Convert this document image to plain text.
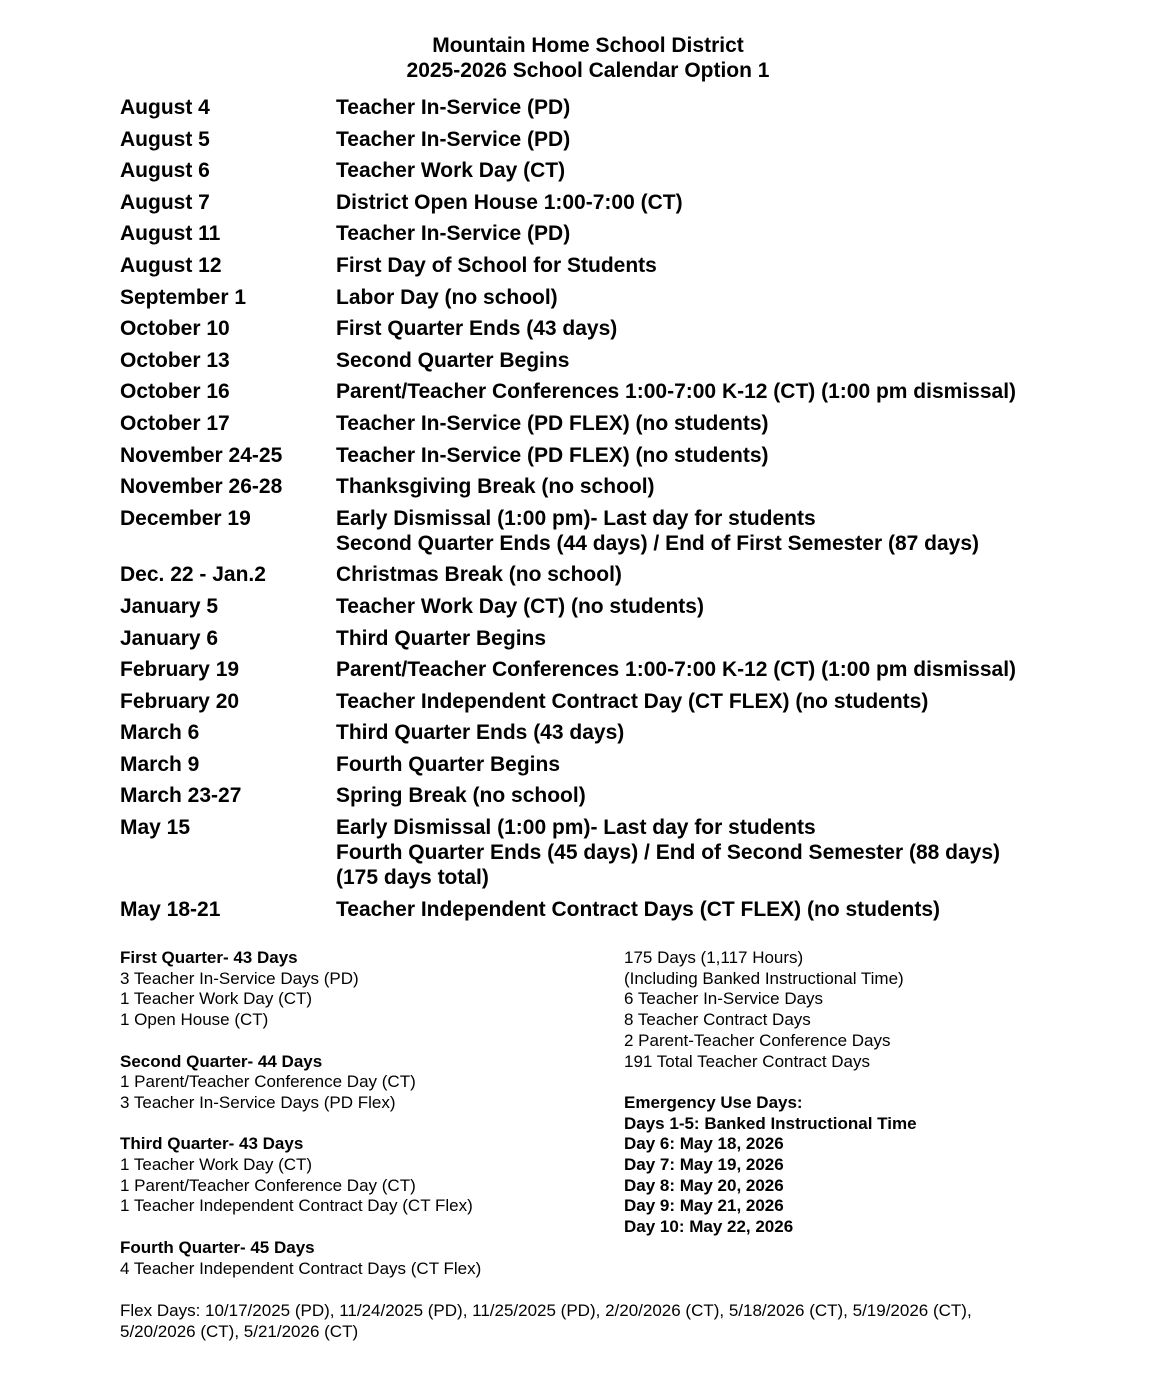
Mountain Home School District
2025-2026 School Calendar Option 1
August 4	Teacher In-Service (PD)
August 5	Teacher In-Service (PD)
August 6	Teacher Work Day (CT)
August 7	District Open House 1:00-7:00 (CT)
August 11	Teacher In-Service (PD)
August 12	First Day of School for Students
September 1	Labor Day (no school)
October 10	First Quarter Ends (43 days)
October 13	Second Quarter Begins
October 16	Parent/Teacher Conferences 1:00-7:00 K-12 (CT) (1:00 pm dismissal)
October 17	Teacher In-Service (PD FLEX) (no students)
November 24-25	Teacher In-Service (PD FLEX) (no students)
November 26-28	Thanksgiving Break (no school)
December 19	Early Dismissal (1:00 pm)- Last day for students
Second Quarter Ends (44 days) / End of First Semester (87 days)
Dec. 22 - Jan.2	Christmas Break (no school)
January 5	Teacher Work Day (CT) (no students)
January 6	Third Quarter Begins
February 19	Parent/Teacher Conferences 1:00-7:00 K-12 (CT) (1:00 pm dismissal)
February 20	Teacher Independent Contract Day (CT FLEX) (no students)
March 6	Third Quarter Ends (43 days)
March 9	Fourth Quarter Begins
March 23-27	Spring Break (no school)
May 15	Early Dismissal (1:00 pm)- Last day for students
Fourth Quarter Ends (45 days) / End of Second Semester (88 days)
(175 days total)
May 18-21	Teacher Independent Contract Days (CT FLEX) (no students)
First Quarter- 43 Days
3 Teacher In-Service Days (PD)
1 Teacher Work Day (CT)
1 Open House (CT)
Second Quarter- 44 Days
1 Parent/Teacher Conference Day (CT)
3 Teacher In-Service Days (PD Flex)
Third Quarter- 43 Days
1 Teacher Work Day (CT)
1 Parent/Teacher Conference Day (CT)
1 Teacher Independent Contract Day (CT Flex)
Fourth Quarter- 45 Days
4 Teacher Independent Contract Days (CT Flex)
175 Days (1,117 Hours)
(Including Banked Instructional Time)
6 Teacher In-Service Days
8 Teacher Contract Days
2 Parent-Teacher Conference Days
191 Total Teacher Contract Days
Emergency Use Days:
Days 1-5: Banked Instructional Time
Day 6: May 18, 2026
Day 7: May 19, 2026
Day 8: May 20, 2026
Day 9: May 21, 2026
Day 10: May 22, 2026
Flex Days: 10/17/2025 (PD), 11/24/2025 (PD), 11/25/2025 (PD), 2/20/2026 (CT), 5/18/2026 (CT), 5/19/2026 (CT), 5/20/2026 (CT), 5/21/2026 (CT)
